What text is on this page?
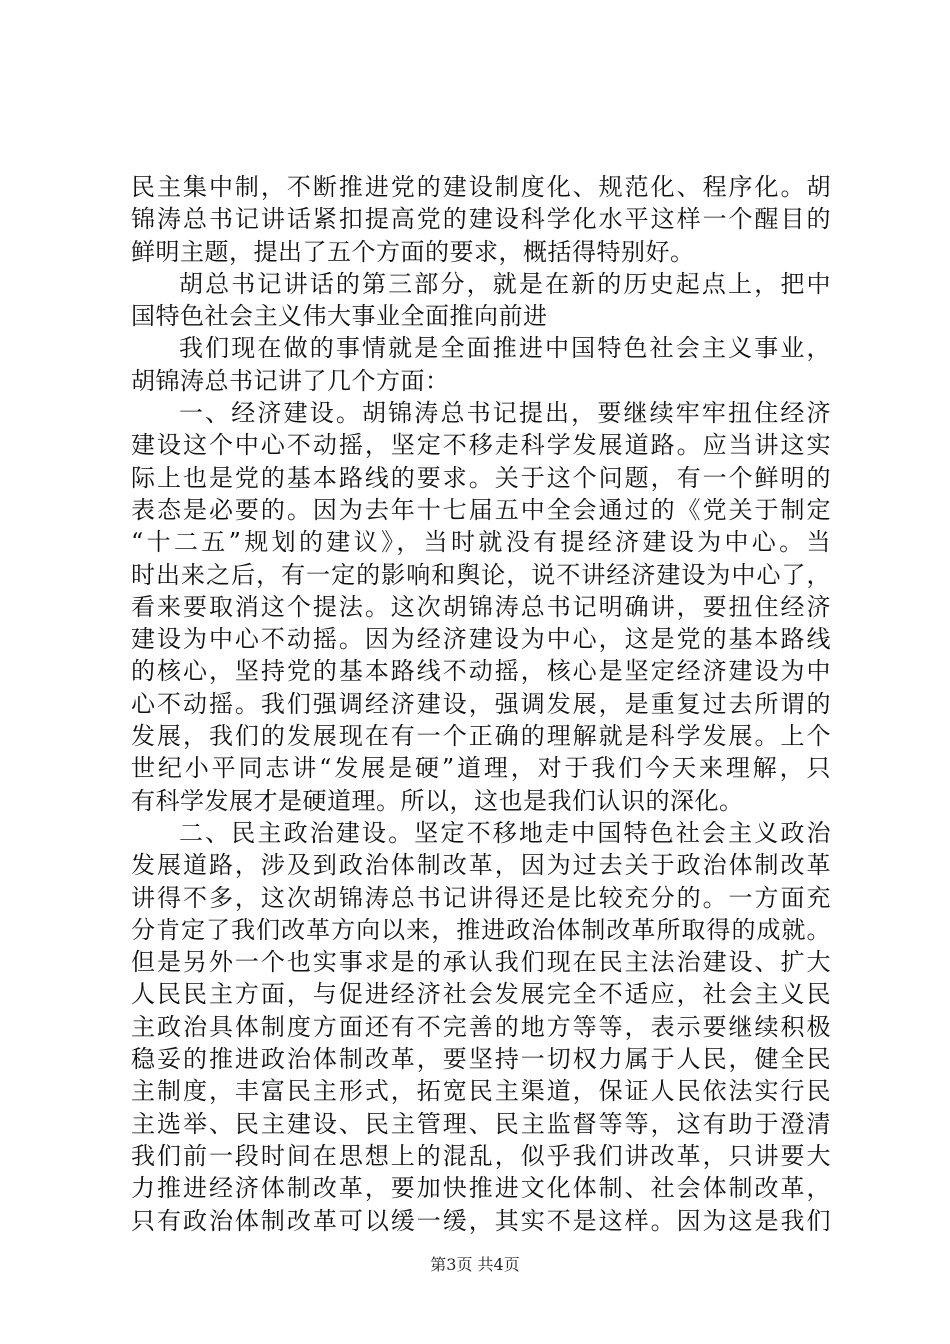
民主集中制，不断推进党的建设制度化、规范化、程序化。胡
锦涛总书记讲话紧扣提高党的建设科学化水平这样一个醒目的
鲜明主题，提出了五个方面的要求，概括得特别好。
胡总书记讲话的第三部分，就是在新的历史起点上，把中
国特色社会主义伟大事业全面推向前进
我们现在做的事情就是全面推进中国特色社会主义事业，
胡锦涛总书记讲了几个方面：
一、经济建设。胡锦涛总书记提出，要继续牢牢扭住经济
建设这个中心不动摇，坚定不移走科学发展道路。应当讲这实
际上也是党的基本路线的要求。关于这个问题，有一个鲜明的
表态是必要的。因为去年十七届五中全会通过的《党关于制定
“十二五”规划的建议》，当时就没有提经济建设为中心。当
时出来之后，有一定的影响和舆论，说不讲经济建设为中心了，
看来要取消这个提法。这次胡锦涛总书记明确讲，要扭住经济
建设为中心不动摇。因为经济建设为中心，这是党的基本路线
的核心，坚持党的基本路线不动摇，核心是坚定经济建设为中
心不动摇。我们强调经济建设，强调发展，是重复过去所谓的
发展，我们的发展现在有一个正确的理解就是科学发展。上个
世纪小平同志讲“发展是硬”道理，对于我们今天来理解，只
有科学发展才是硬道理。所以，这也是我们认识的深化。
二、民主政治建设。坚定不移地走中国特色社会主义政治
发展道路，涉及到政治体制改革，因为过去关于政治体制改革
讲得不多，这次胡锦涛总书记讲得还是比较充分的。一方面充
分肯定了我们改革方向以来，推进政治体制改革所取得的成就。
但是另外一个也实事求是的承认我们现在民主法治建设、扩大
人民民主方面，与促进经济社会发展完全不适应，社会主义民
主政治具体制度方面还有不完善的地方等等，表示要继续积极
稳妥的推进政治体制改革，要坚持一切权力属于人民，健全民
主制度，丰富民主形式，拓宽民主渠道，保证人民依法实行民
主选举、民主建设、民主管理、民主监督等等，这有助于澄清
我们前一段时间在思想上的混乱，似乎我们讲改革，只讲要大
力推进经济体制改革，要加快推进文化体制、社会体制改革，
只有政治体制改革可以缓一缓，其实不是这样。因为这是我们
第3页 共4页
